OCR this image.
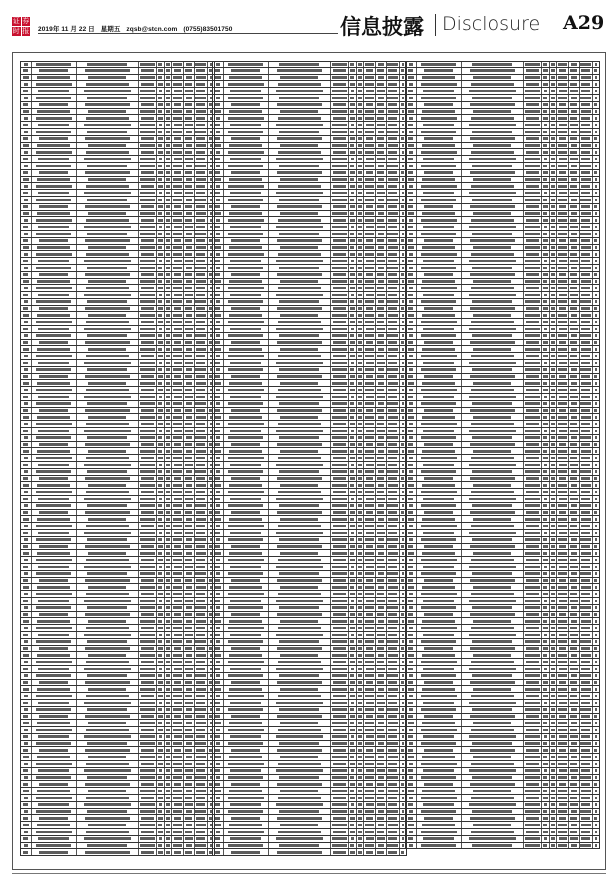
证 券
时 报 2019年 11 月 22 日 星期五 zqsb@stcn.com (0755)83501750	信息披露 Disclosure A29
